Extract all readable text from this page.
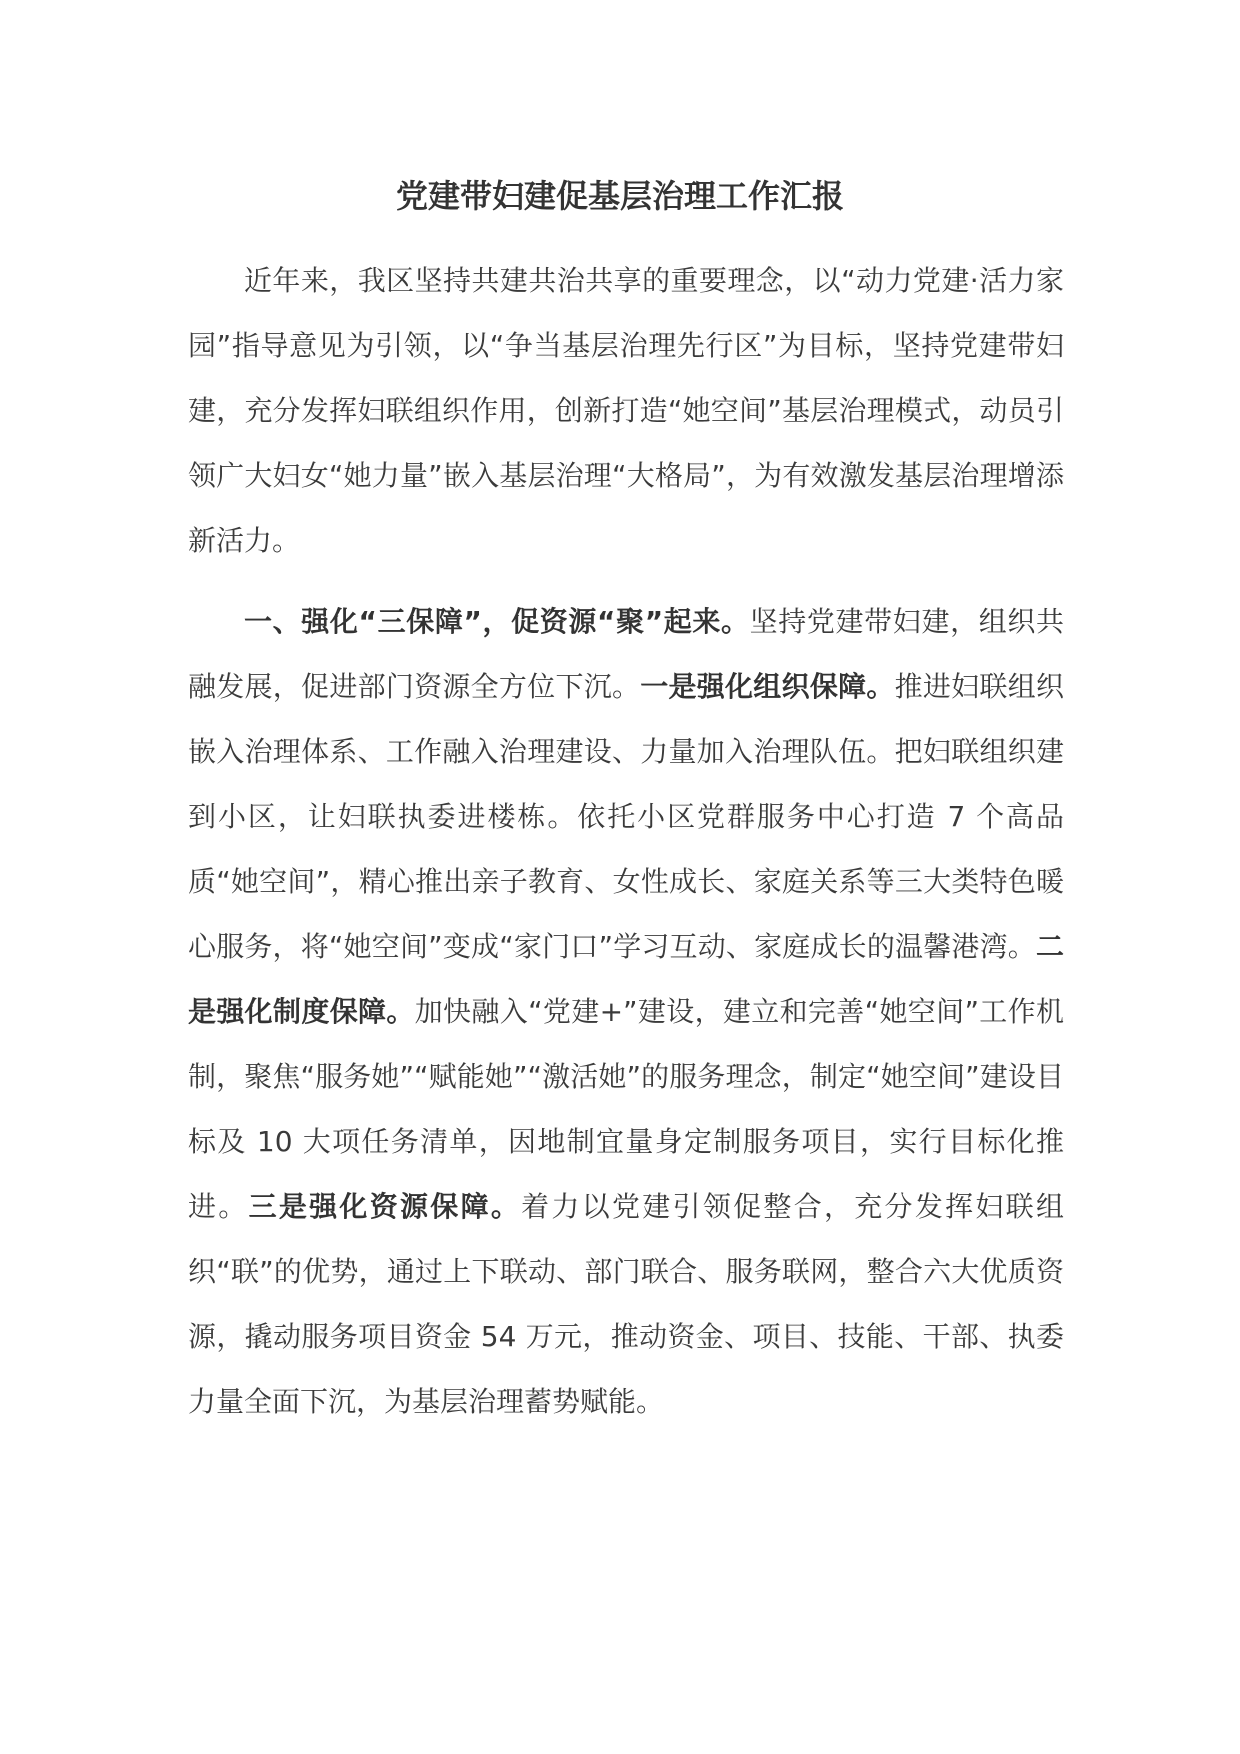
党建带妇建促基层治理工作汇报

近年来，我区坚持共建共治共享的重要理念，以“动力党建·活力家园”指导意见为引领，以“争当基层治理先行区”为目标，坚持党建带妇建，充分发挥妇联组织作用，创新打造“她空间”基层治理模式，动员引领广大妇女“她力量”嵌入基层治理“大格局”，为有效激发基层治理增添新活力。

一、强化“三保障”，促资源“聚”起来。坚持党建带妇建，组织共融发展，促进部门资源全方位下沉。一是强化组织保障。推进妇联组织嵌入治理体系、工作融入治理建设、力量加入治理队伍。把妇联组织建到小区，让妇联执委进楼栋。依托小区党群服务中心打造 7 个高品质“她空间”，精心推出亲子教育、女性成长、家庭关系等三大类特色暖心服务，将“她空间”变成“家门口”学习互动、家庭成长的温馨港湾。二是强化制度保障。加快融入“党建+”建设，建立和完善“她空间”工作机制，聚焦“服务她”“赋能她”“激活她”的服务理念，制定“她空间”建设目标及 10 大项任务清单，因地制宜量身定制服务项目，实行目标化推进。三是强化资源保障。着力以党建引领促整合，充分发挥妇联组织“联”的优势，通过上下联动、部门联合、服务联网，整合六大优质资源，撬动服务项目资金 54 万元，推动资金、项目、技能、干部、执委力量全面下沉，为基层治理蓄势赋能。
